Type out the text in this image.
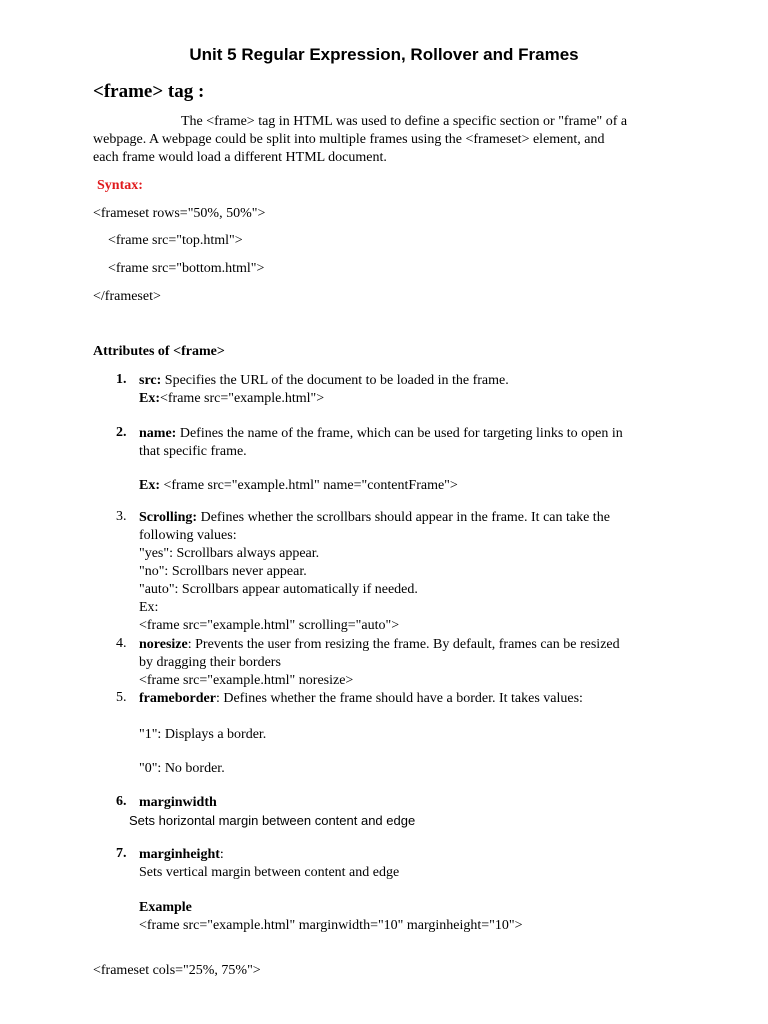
Unit 5 Regular Expression, Rollover and Frames
<frame> tag :
The <frame> tag in HTML was used to define a specific section or "frame" of a
webpage. A webpage could be split into multiple frames using the <frameset> element, and
each frame would load a different HTML document.
Syntax:
<frameset rows="50%, 50%">
<frame src="top.html">
<frame src="bottom.html">
</frameset>
Attributes of <frame>
1. src: Specifies the URL of the document to be loaded in the frame.
Ex:<frame src="example.html">
2. name: Defines the name of the frame, which can be used for targeting links to open in
that specific frame.
Ex: <frame src="example.html" name="contentFrame">
3. Scrolling: Defines whether the scrollbars should appear in the frame. It can take the
following values:
"yes": Scrollbars always appear.
"no": Scrollbars never appear.
"auto": Scrollbars appear automatically if needed.
Ex:
<frame src="example.html" scrolling="auto">
4. noresize: Prevents the user from resizing the frame. By default, frames can be resized
by dragging their borders
<frame src="example.html" noresize>
5. frameborder: Defines whether the frame should have a border. It takes values:
"1": Displays a border.
"0": No border.
6. marginwidth
Sets horizontal margin between content and edge
7. marginheight:
Sets vertical margin between content and edge
Example
<frame src="example.html" marginwidth="10" marginheight="10">
<frameset cols="25%, 75%">
